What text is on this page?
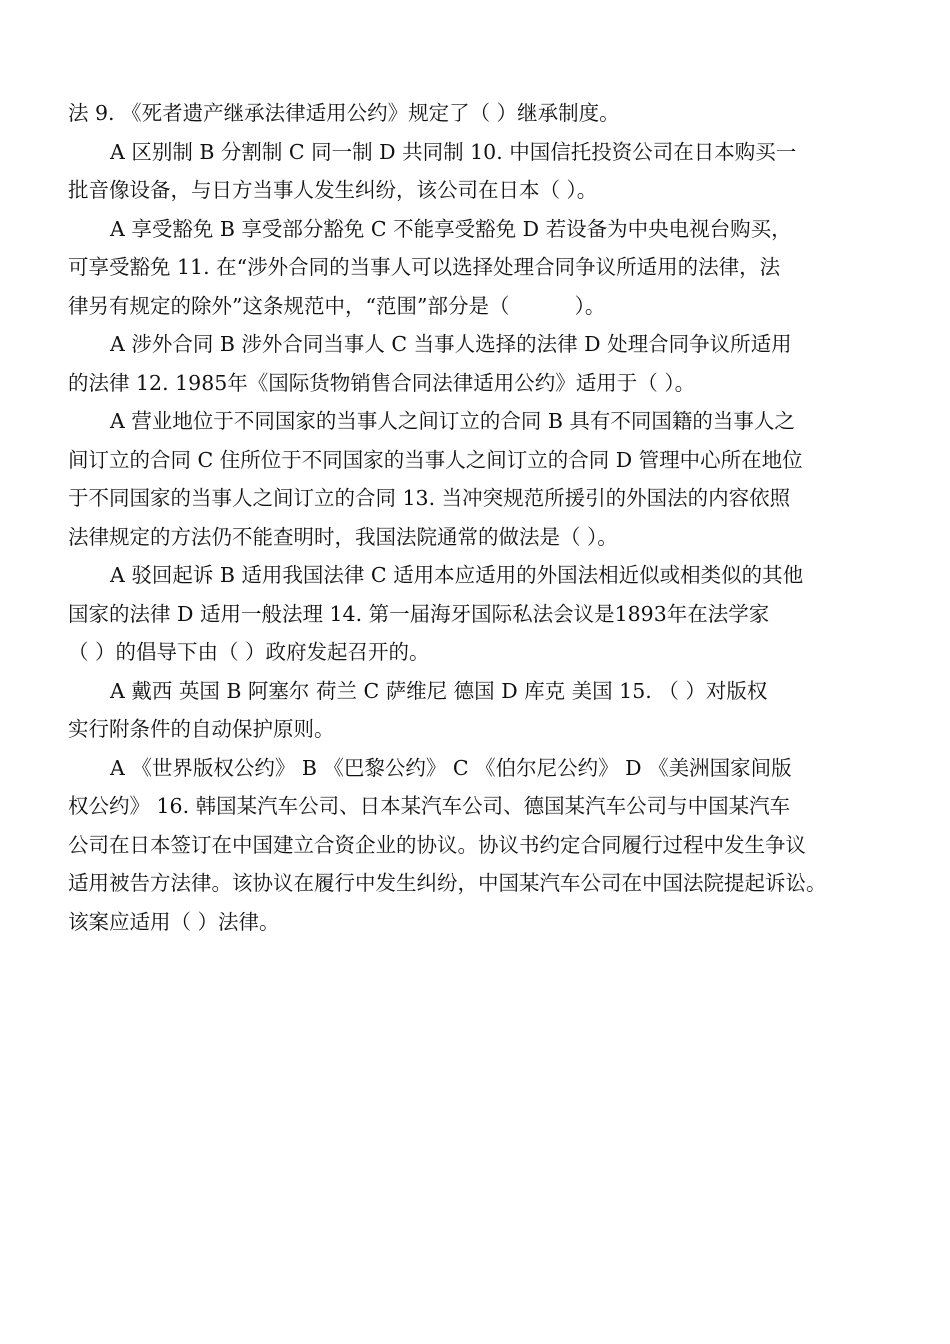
法 9. 《死者遗产继承法律适用公约》规定了（ ）继承制度。
A 区别制 B 分割制 C 同一制 D 共同制 10. 中国信托投资公司在日本购买一
批音像设备，与日方当事人发生纠纷，该公司在日本（ ）。
A 享受豁免 B 享受部分豁免 C 不能享受豁免 D 若设备为中央电视台购买，
可享受豁免 11. 在“涉外合同的当事人可以选择处理合同争议所适用的法律，法
律另有规定的除外”这条规范中，“范围”部分是（          ）。
A 涉外合同 B 涉外合同当事人 C 当事人选择的法律 D 处理合同争议所适用
的法律 12. 1985年《国际货物销售合同法律适用公约》适用于（ ）。
A 营业地位于不同国家的当事人之间订立的合同 B 具有不同国籍的当事人之
间订立的合同 C 住所位于不同国家的当事人之间订立的合同 D 管理中心所在地位
于不同国家的当事人之间订立的合同 13. 当冲突规范所援引的外国法的内容依照
法律规定的方法仍不能查明时，我国法院通常的做法是（ ）。
A 驳回起诉 B 适用我国法律 C 适用本应适用的外国法相近似或相类似的其他
国家的法律 D 适用一般法理 14. 第一届海牙国际私法会议是1893年在法学家
（ ）的倡导下由（ ）政府发起召开的。
A 戴西 英国 B 阿塞尔 荷兰 C 萨维尼 德国 D 库克 美国 15. （ ）对版权
实行附条件的自动保护原则。
A 《世界版权公约》 B 《巴黎公约》 C 《伯尔尼公约》 D 《美洲国家间版
权公约》 16. 韩国某汽车公司、日本某汽车公司、德国某汽车公司与中国某汽车
公司在日本签订在中国建立合资企业的协议。协议书约定合同履行过程中发生争议
适用被告方法律。该协议在履行中发生纠纷，中国某汽车公司在中国法院提起诉讼。
该案应适用（ ）法律。
